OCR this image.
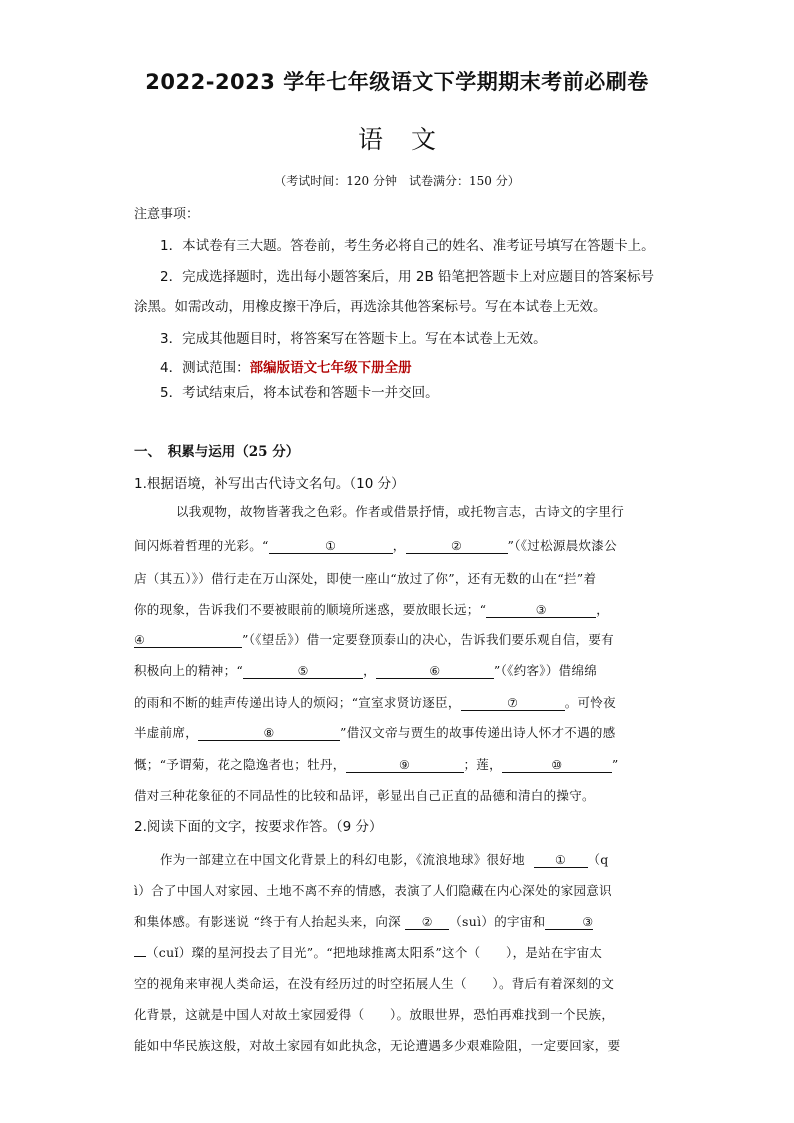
2022-2023 学年七年级语文下学期期末考前必刷卷
语 文
（考试时间：120 分钟　试卷满分：150 分）
注意事项：
1．本试卷有三大题。答卷前，考生务必将自己的姓名、准考证号填写在答题卡上。
2．完成选择题时，选出每小题答案后，用 2B 铅笔把答题卡上对应题目的答案标号
涂黑。如需改动，用橡皮擦干净后，再选涂其他答案标号。写在本试卷上无效。
3．完成其他题目时，将答案写在答题卡上。写在本试卷上无效。
4．测试范围：部编版语文七年级下册全册
5．考试结束后，将本试卷和答题卡一并交回。
一、　积累与运用（25 分）
1.根据语境，补写出古代诗文名句。（10 分）
以我观物，故物皆著我之色彩。作者或借景抒情，或托物言志，古诗文的字里行
间闪烁着哲理的光彩。“	①	，	②	”（《过松源晨炊漆公
店（其五）》）借行走在万山深处，即使一座山“放过了你”，还有无数的山在“拦”着
你的现象，告诉我们不要被眼前的顺境所迷惑，要放眼长远；“	③	，
④	”（《望岳》）借一定要登顶泰山的决心，告诉我们要乐观自信，要有
积极向上的精神；“	⑤	，	⑥	”（《约客》）借绵绵
的雨和不断的蛙声传递出诗人的烦闷；“宣室求贤访逐臣，	⑦	。可怜夜
半虚前席，	⑧	”借汉文帝与贾生的故事传递出诗人怀才不遇的感
慨；“予谓菊，花之隐逸者也；牡丹，	⑨	；莲，	⑩	”
借对三种花象征的不同品性的比较和品评，彰显出自己正直的品德和清白的操守。
2.阅读下面的文字，按要求作答。（9 分）
作为一部建立在中国文化背景上的科幻电影，《流浪地球》很好地	① （q
ì）合了中国人对家园、土地不离不弃的情感，表演了人们隐藏在内心深处的家园意识
和集体感。有影迷说 “终于有人抬起头来，向深 ② （suì）的宇宙和	③
（cuǐ）璨的星河投去了目光”。“把地球推离太阳系”这个（　　），是站在宇宙太
空的视角来审视人类命运，在没有经历过的时空拓展人生（　　）。背后有着深刻的文
化背景，这就是中国人对故土家园爱得（　　）。放眼世界，恐怕再难找到一个民族，
能如中华民族这般，对故土家园有如此执念，无论遭遇多少艰难险阻，一定要回家，要
